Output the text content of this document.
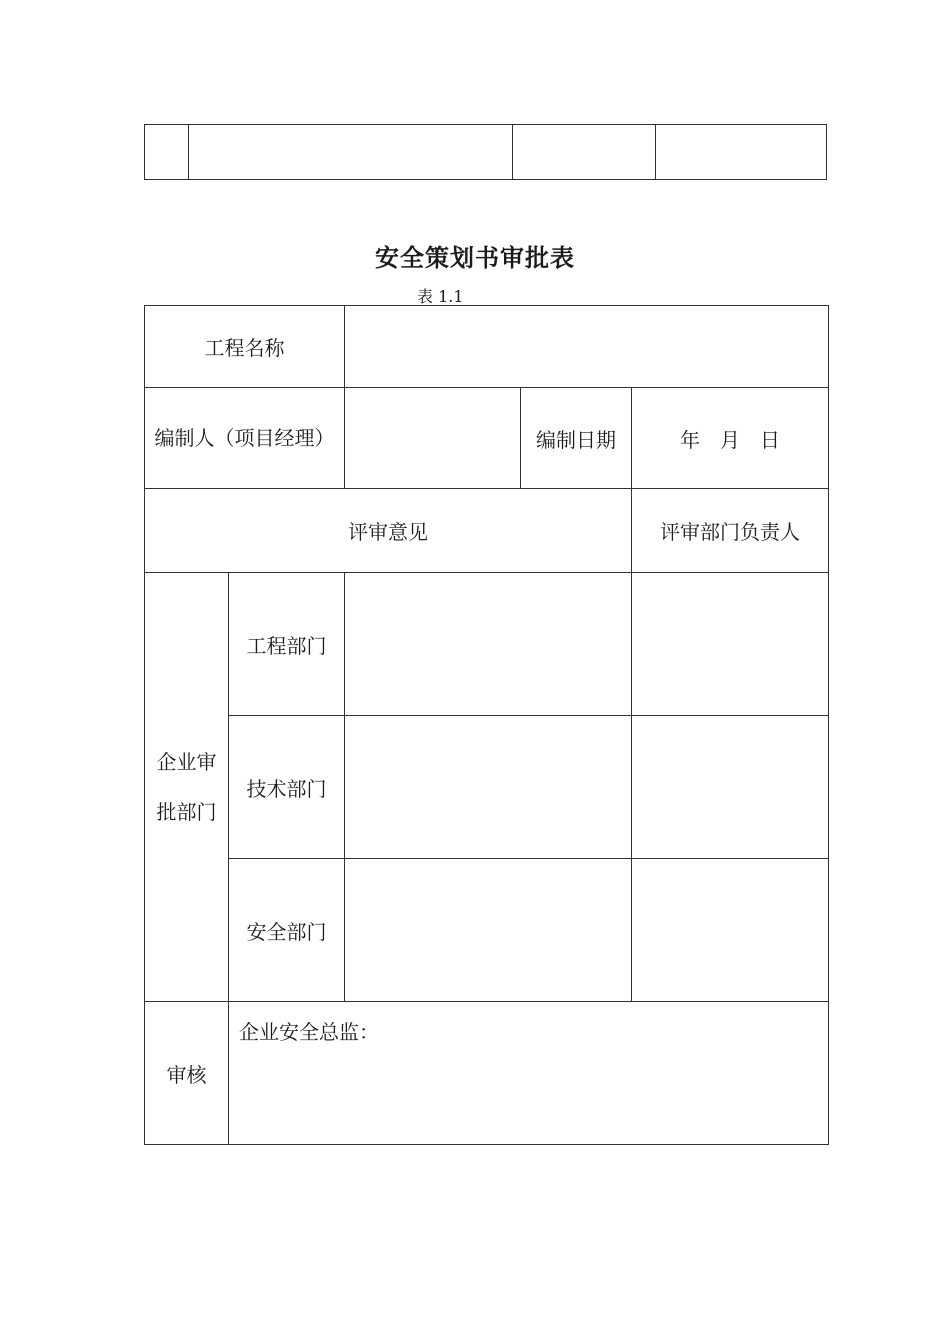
安全策划书审批表
表 1.1
工程名称				
编制人（项目经理）			编制日期	年　月　日
评审意见				评审部门负责人
企业审批部门	工程部门			
	技术部门			
	安全部门			
审核	企业安全总监：			
